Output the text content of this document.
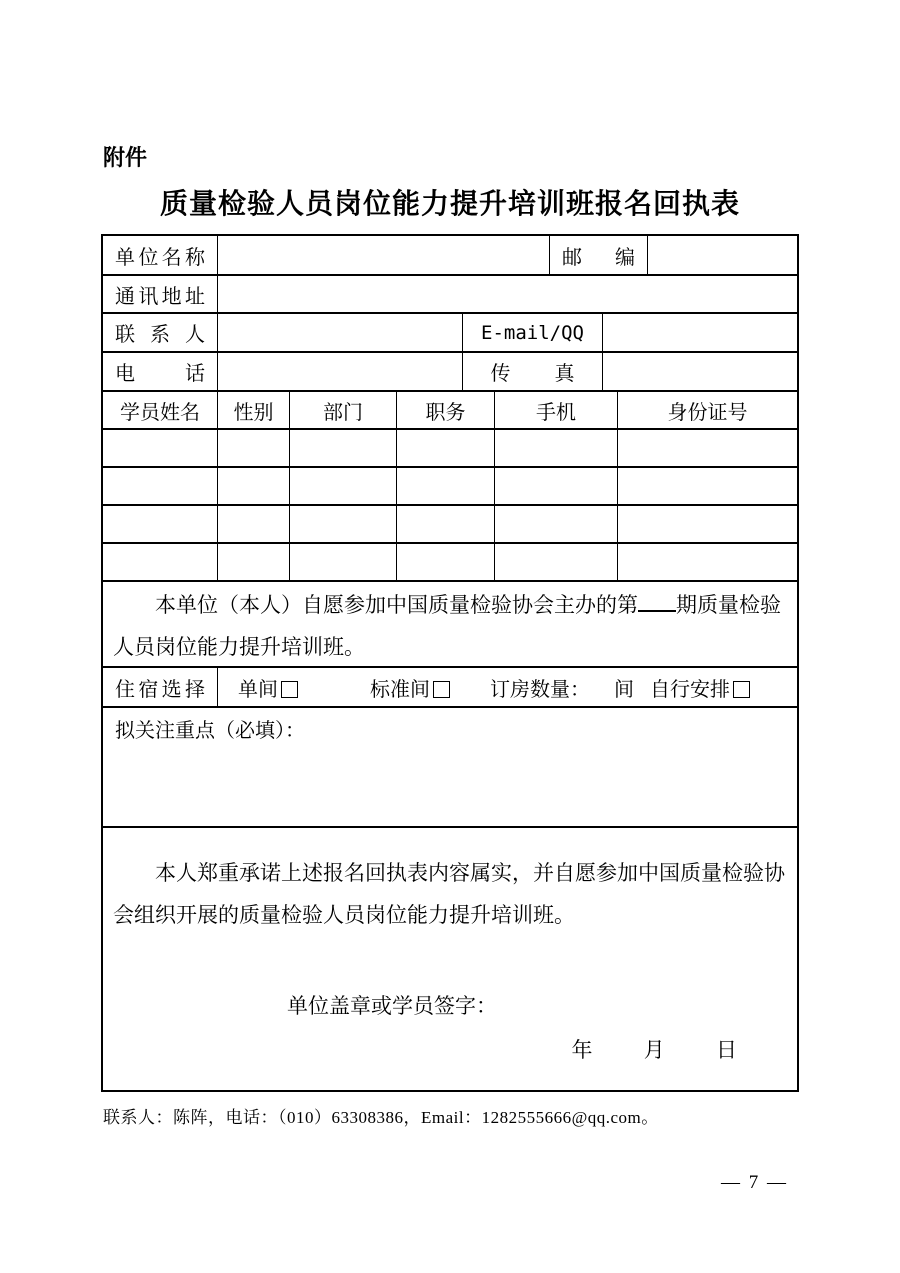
附件
质量检验人员岗位能力提升培训班报名回执表
单位名称	邮编
通讯地址
联系人	E-mail/QQ
电话	传真
学员姓名	性别	部门	职务	手机	身份证号
本单位（本人）自愿参加中国质量检验协会主办的第 期质量检验人员岗位能力提升培训班。
住宿选择 单间	标准间	订房数量： 间 自行安排
拟关注重点（必填）：
本人郑重承诺上述报名回执表内容属实，并自愿参加中国质量检验协会组织开展的质量检验人员岗位能力提升培训班。
单位盖章或学员签字：
年 月 日
联系人：陈阵，电话：（010）63308386，Email：1282555666@qq.com。
— 7 —
